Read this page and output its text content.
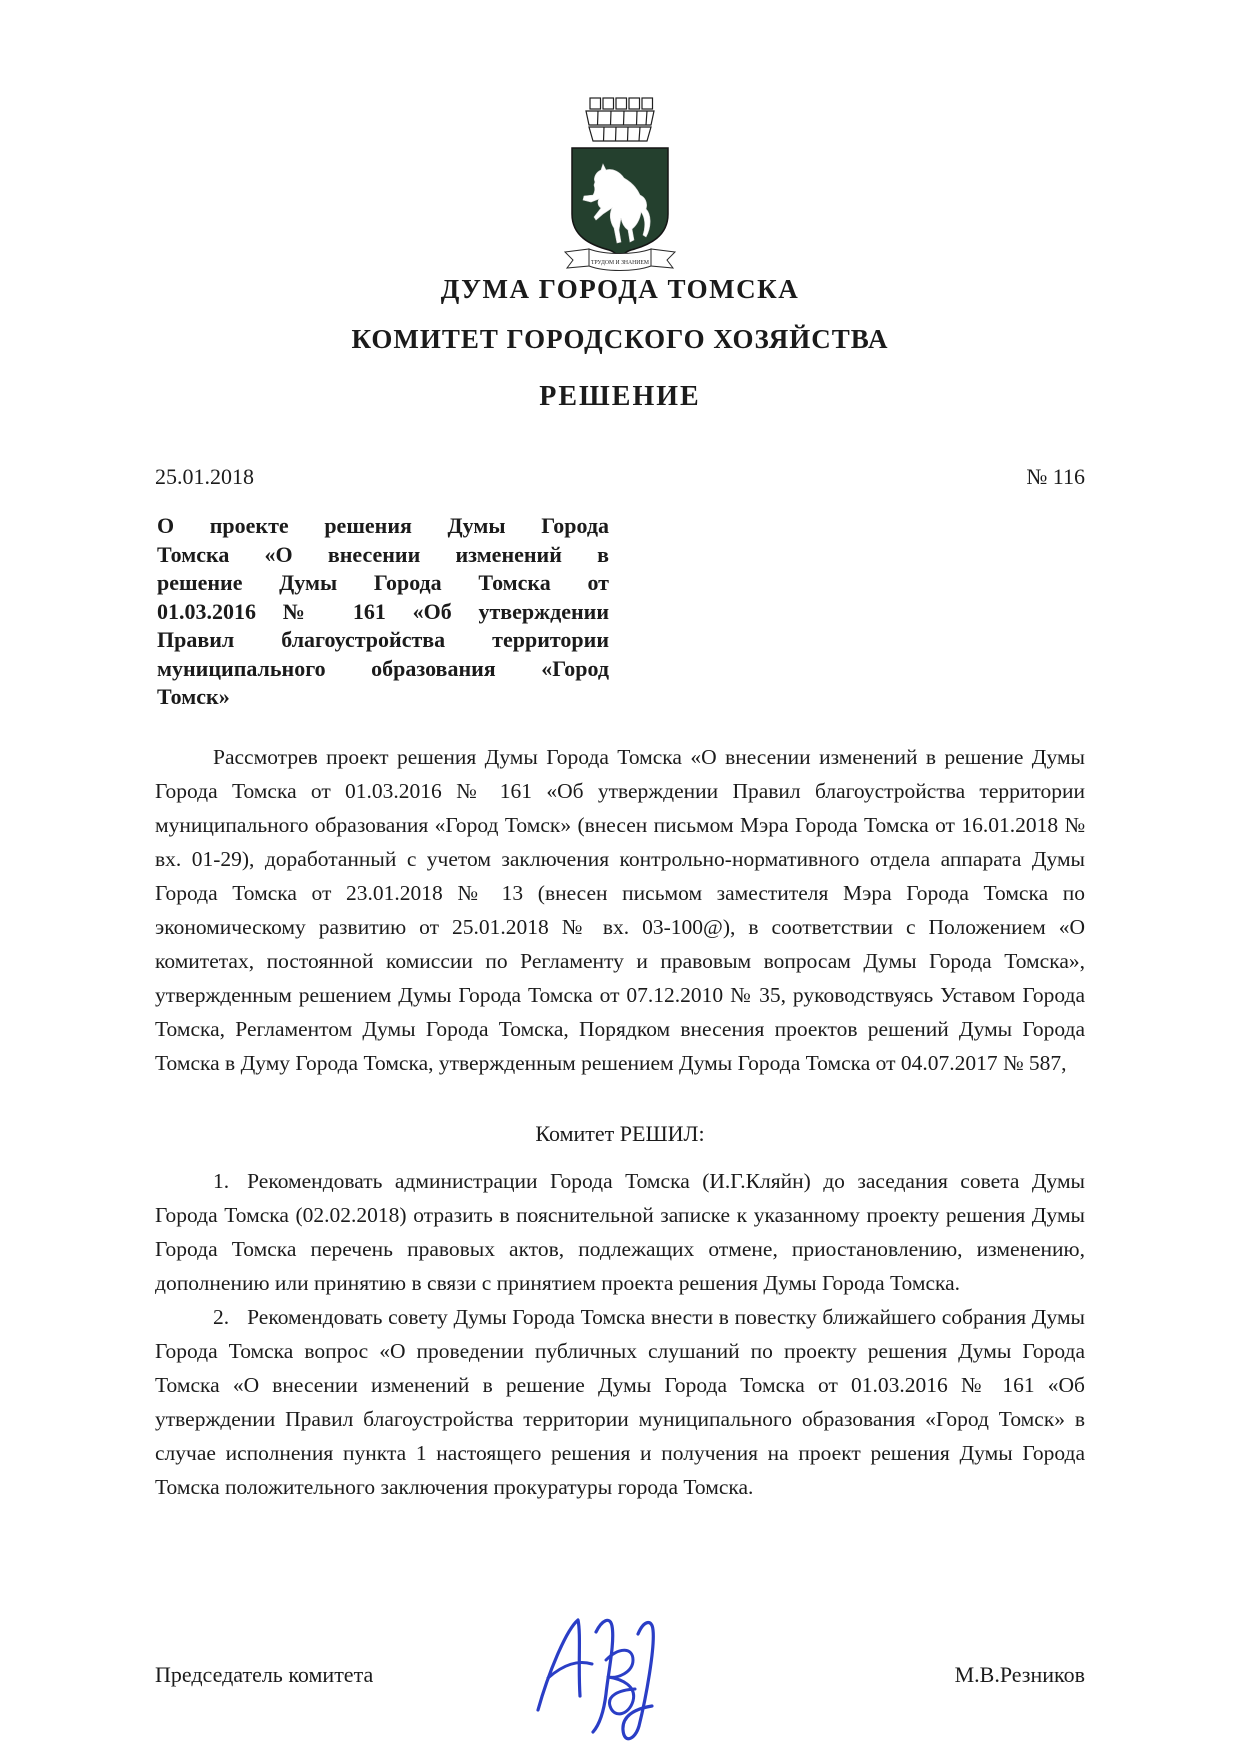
ТРУДОМ И ЗНАНИЕМ
ДУМА ГОРОДА ТОМСКА
КОМИТЕТ ГОРОДСКОГО ХОЗЯЙСТВА
РЕШЕНИЕ
25.01.2018	№ 116
О проекте решения Думы Города
Томска «О внесении изменений в
решение Думы Города Томска от
01.03.2016 № 161 «Об утверждении
Правил благоустройства территории
муниципального образования «Город
Томск»
Рассмотрев проект решения Думы Города Томска «О внесении изменений в решение Думы Города Томска от 01.03.2016 № 161 «Об утверждении Правил благоустройства территории муниципального образования «Город Томск» (внесен письмом Мэра Города Томска от 16.01.2018 № вх. 01-29), доработанный с учетом заключения контрольно-нормативного отдела аппарата Думы Города Томска от 23.01.2018 № 13 (внесен письмом заместителя Мэра Города Томска по экономическому развитию от 25.01.2018 № вх. 03-100@), в соответствии с Положением «О комитетах, постоянной комиссии по Регламенту и правовым вопросам Думы Города Томска», утвержденным решением Думы Города Томска от 07.12.2010 № 35, руководствуясь Уставом Города Томска, Регламентом Думы Города Томска, Порядком внесения проектов решений Думы Города Томска в Думу Города Томска, утвержденным решением Думы Города Томска от 04.07.2017 № 587,
Комитет РЕШИЛ:

1. Рекомендовать администрации Города Томска (И.Г.Кляйн) до заседания совета Думы Города Томска (02.02.2018) отразить в пояснительной записке к указанному проекту решения Думы Города Томска перечень правовых актов, подлежащих отмене, приостановлению, изменению, дополнению или принятию в связи с принятием проекта решения Думы Города Томска.

2. Рекомендовать совету Думы Города Томска внести в повестку ближайшего собрания Думы Города Томска вопрос «О проведении публичных слушаний по проекту решения Думы Города Томска «О внесении изменений в решение Думы Города Томска от 01.03.2016 № 161 «Об утверждении Правил благоустройства территории муниципального образования «Город Томск» в случае исполнения пункта 1 настоящего решения и получения на проект решения Думы Города Томска положительного заключения прокуратуры города Томска.

Председатель комитета	М.В.Резников
